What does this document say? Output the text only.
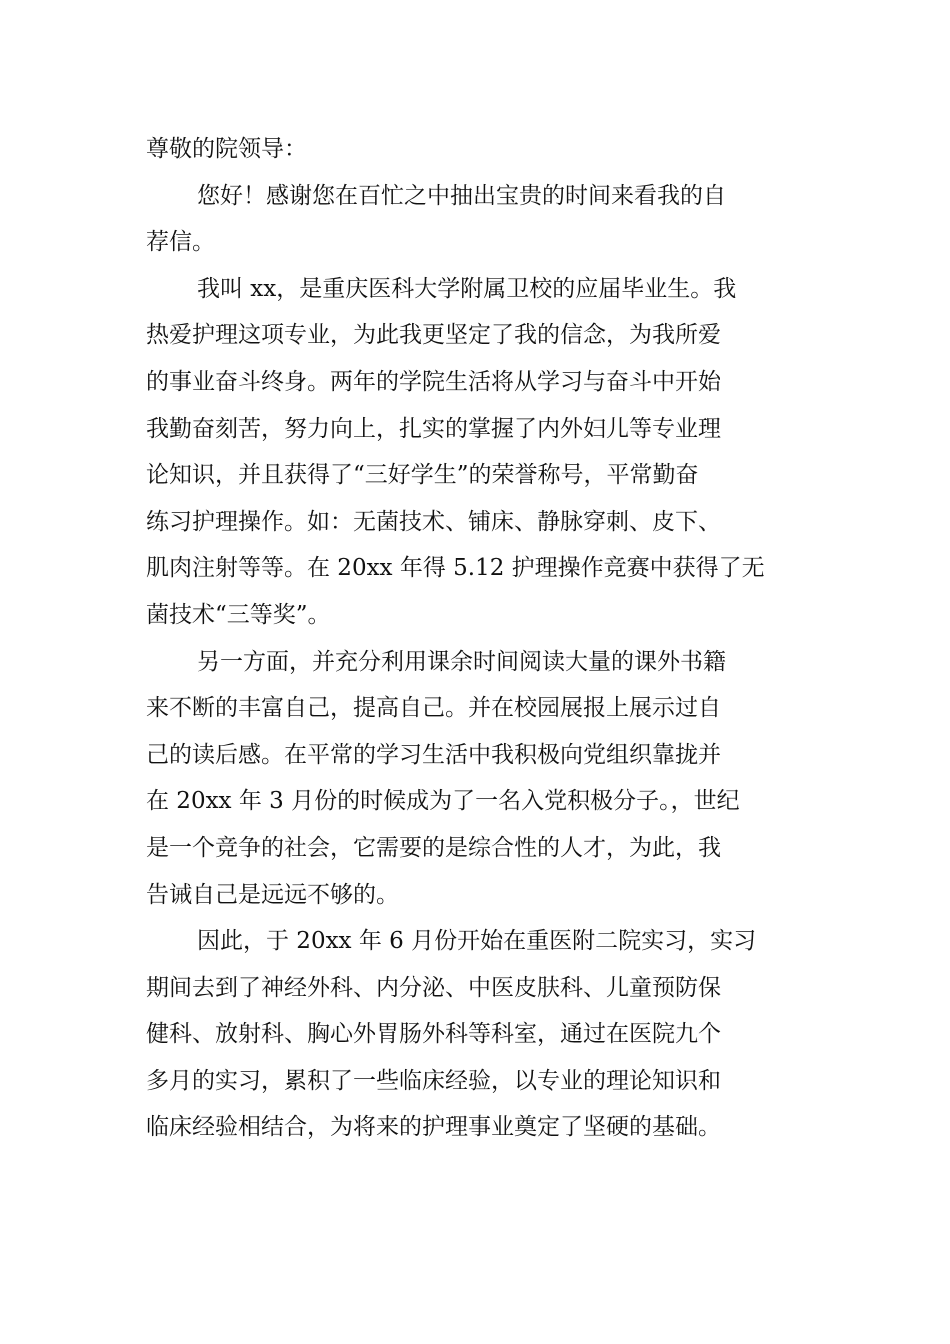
尊敬的院领导：
您好！感谢您在百忙之中抽出宝贵的时间来看我的自
荐信。
我叫 xx，是重庆医科大学附属卫校的应届毕业生。我
热爱护理这项专业，为此我更坚定了我的信念，为我所爱
的事业奋斗终身。两年的学院生活将从学习与奋斗中开始
我勤奋刻苦，努力向上，扎实的掌握了内外妇儿等专业理
论知识，并且获得了“三好学生”的荣誉称号，平常勤奋
练习护理操作。如：无菌技术、铺床、静脉穿刺、皮下、
肌肉注射等等。在 20xx 年得 5.12 护理操作竞赛中获得了无
菌技术“三等奖”。
另一方面，并充分利用课余时间阅读大量的课外书籍
来不断的丰富自己，提高自己。并在校园展报上展示过自
己的读后感。在平常的学习生活中我积极向党组织靠拢并
在 20xx 年 3 月份的时候成为了一名入党积极分子。，世纪
是一个竞争的社会，它需要的是综合性的人才，为此，我
告诫自己是远远不够的。
因此，于 20xx 年 6 月份开始在重医附二院实习，实习
期间去到了神经外科、内分泌、中医皮肤科、儿童预防保
健科、放射科、胸心外胃肠外科等科室，通过在医院九个
多月的实习，累积了一些临床经验，以专业的理论知识和
临床经验相结合，为将来的护理事业奠定了坚硬的基础。
